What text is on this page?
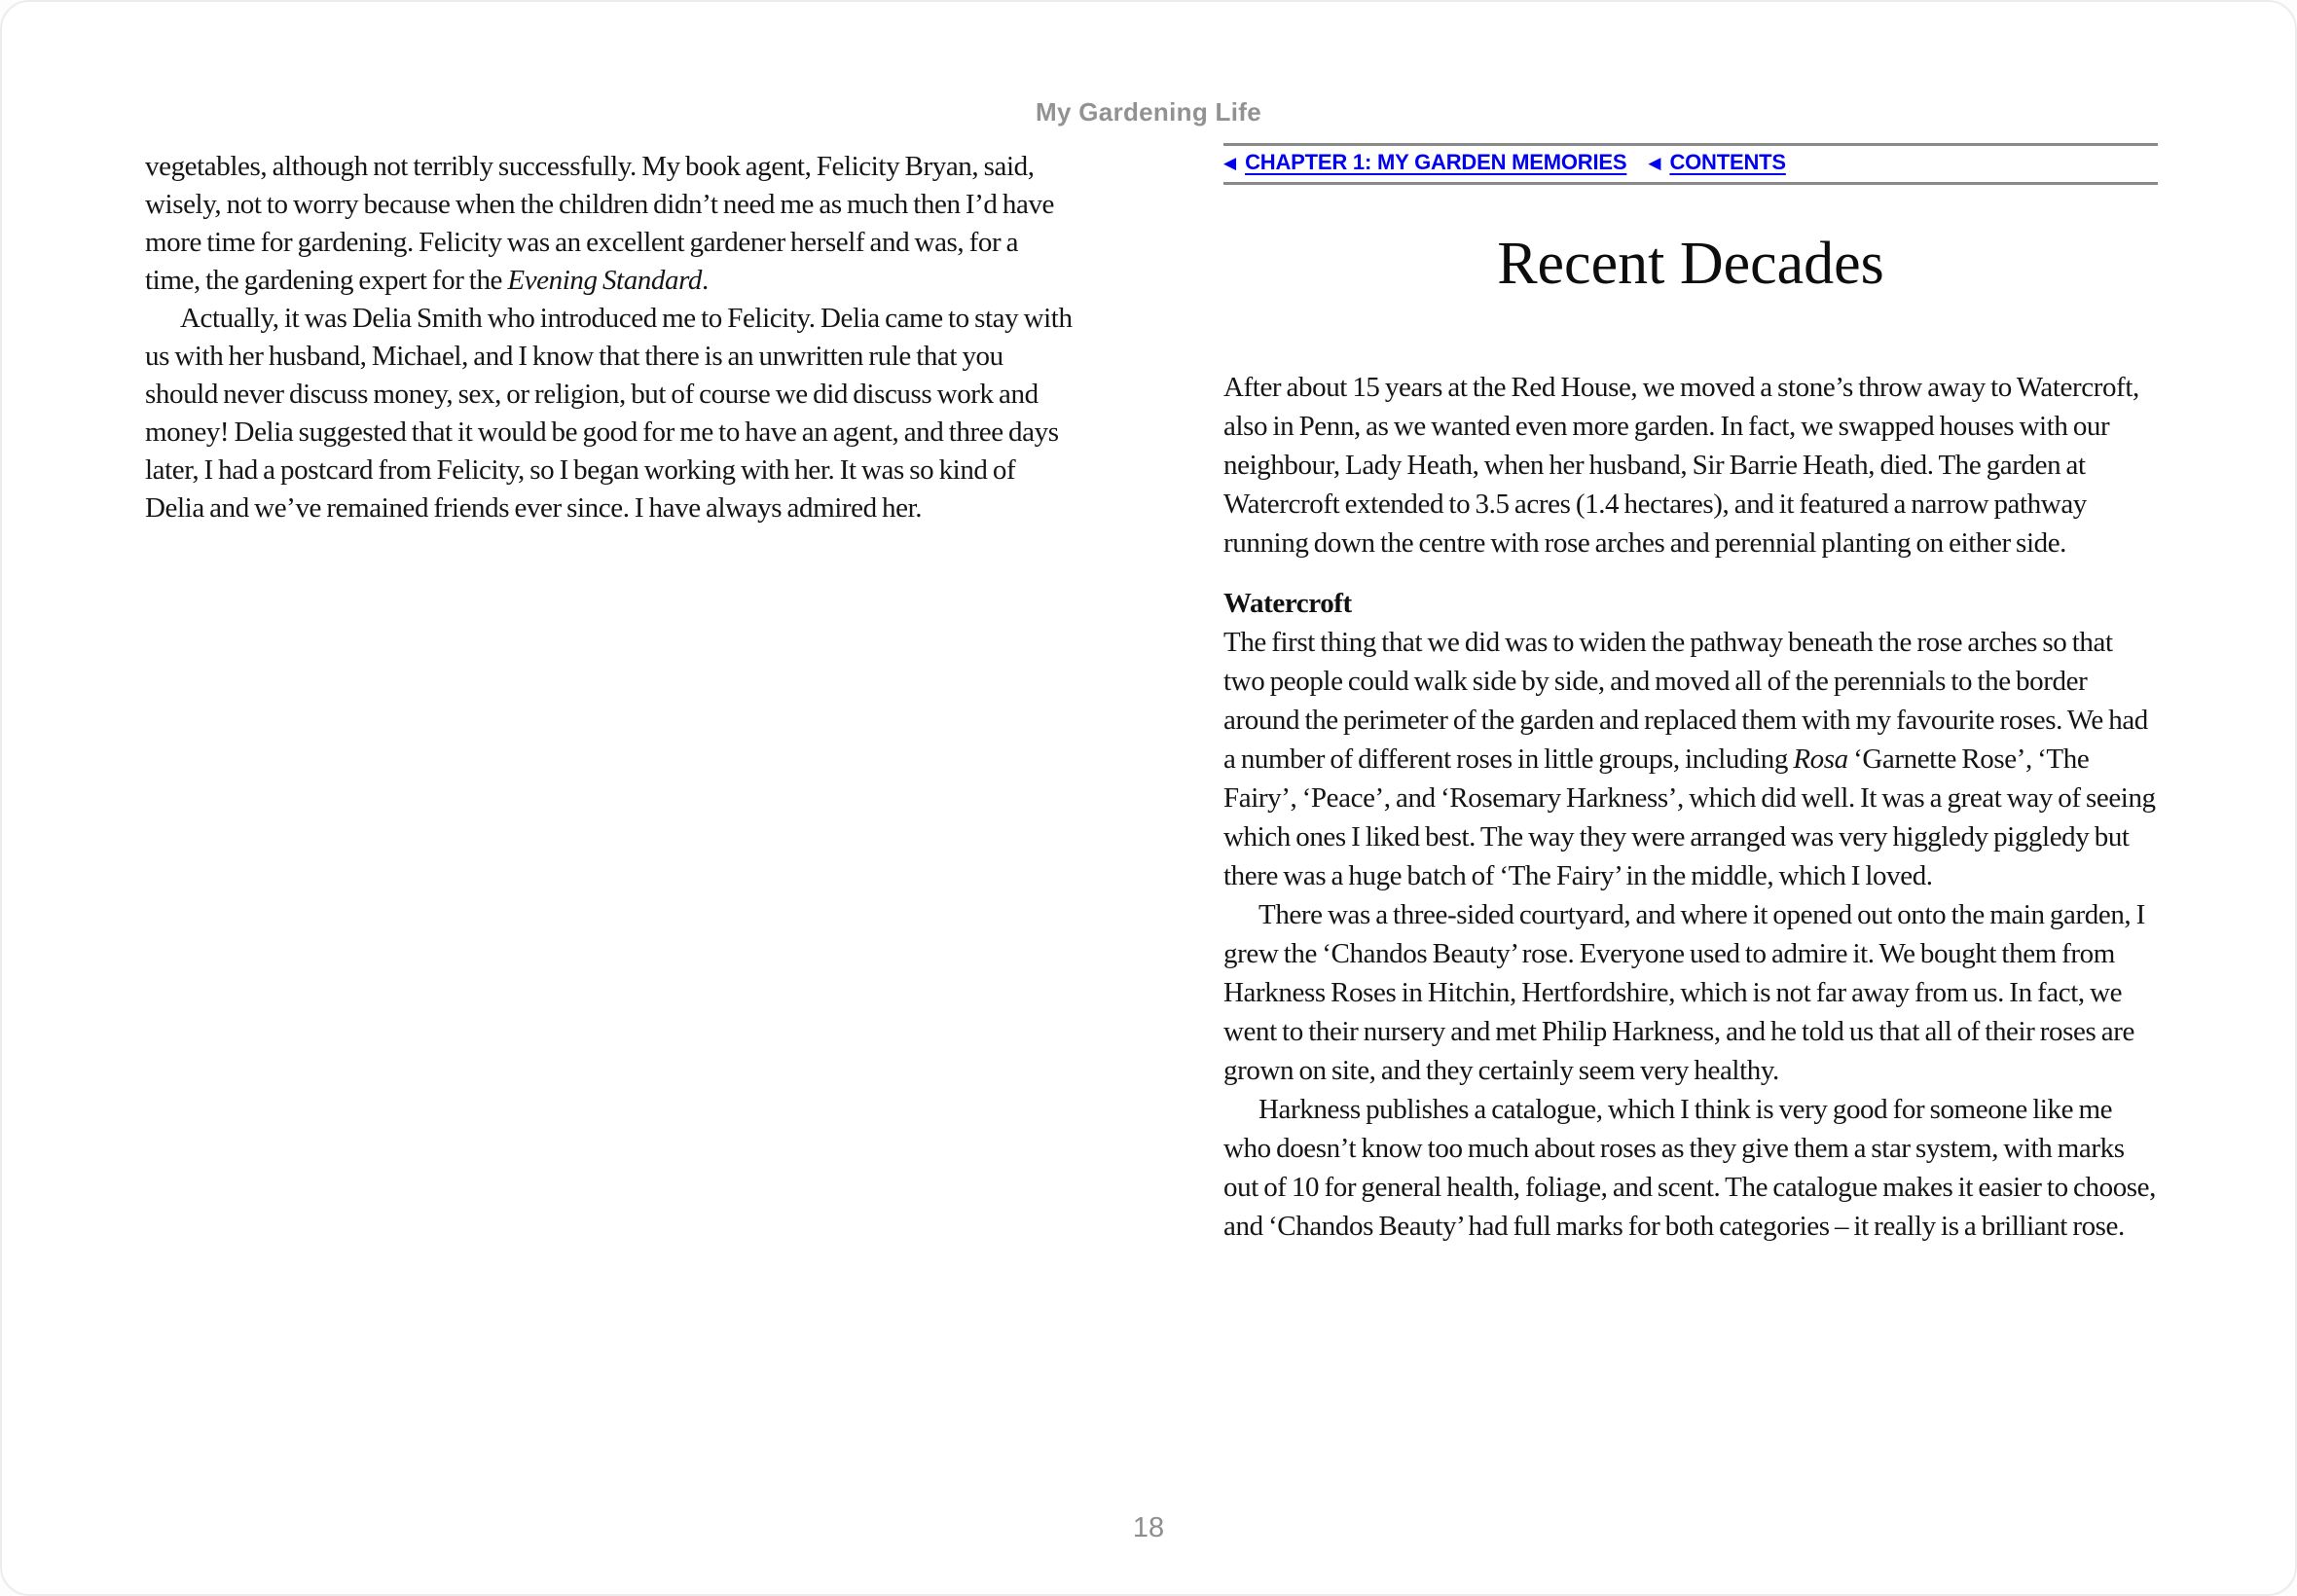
My Gardening Life

vegetables, although not terribly successfully. My book agent, Felicity Bryan, said, wisely, not to worry because when the children didn’t need me as much then I’d have more time for gardening. Felicity was an excellent gardener herself and was, for a time, the gardening expert for the Evening Standard.

Actually, it was Delia Smith who introduced me to Felicity. Delia came to stay with us with her husband, Michael, and I know that there is an unwritten rule that you should never discuss money, sex, or religion, but of course we did discuss work and money! Delia suggested that it would be good for me to have an agent, and three days later, I had a postcard from Felicity, so I began working with her. It was so kind of Delia and we’ve remained friends ever since. I have always admired her.

◀ CHAPTER 1: MY GARDEN MEMORIES ◀ CONTENTS
Recent Decades

After about 15 years at the Red House, we moved a stone’s throw away to Watercroft, also in Penn, as we wanted even more garden. In fact, we swapped houses with our neighbour, Lady Heath, when her husband, Sir Barrie Heath, died. The garden at Watercroft extended to 3.5 acres (1.4 hectares), and it featured a narrow pathway running down the centre with rose arches and perennial planting on either side.

Watercroft

The first thing that we did was to widen the pathway beneath the rose arches so that two people could walk side by side, and moved all of the perennials to the border around the perimeter of the garden and replaced them with my favourite roses. We had a number of different roses in little groups, including Rosa ‘Garnette Rose’, ‘The Fairy’, ‘Peace’, and ‘Rosemary Harkness’, which did well. It was a great way of seeing which ones I liked best. The way they were arranged was very higgledy piggledy but there was a huge batch of ‘The Fairy’ in the middle, which I loved.

There was a three-sided courtyard, and where it opened out onto the main garden, I grew the ‘Chandos Beauty’ rose. Everyone used to admire it. We bought them from Harkness Roses in Hitchin, Hertfordshire, which is not far away from us. In fact, we went to their nursery and met Philip Harkness, and he told us that all of their roses are grown on site, and they certainly seem very healthy.

Harkness publishes a catalogue, which I think is very good for someone like me who doesn’t know too much about roses as they give them a star system, with marks out of 10 for general health, foliage, and scent. The catalogue makes it easier to choose, and ‘Chandos Beauty’ had full marks for both categories – it really is a brilliant rose.

18
